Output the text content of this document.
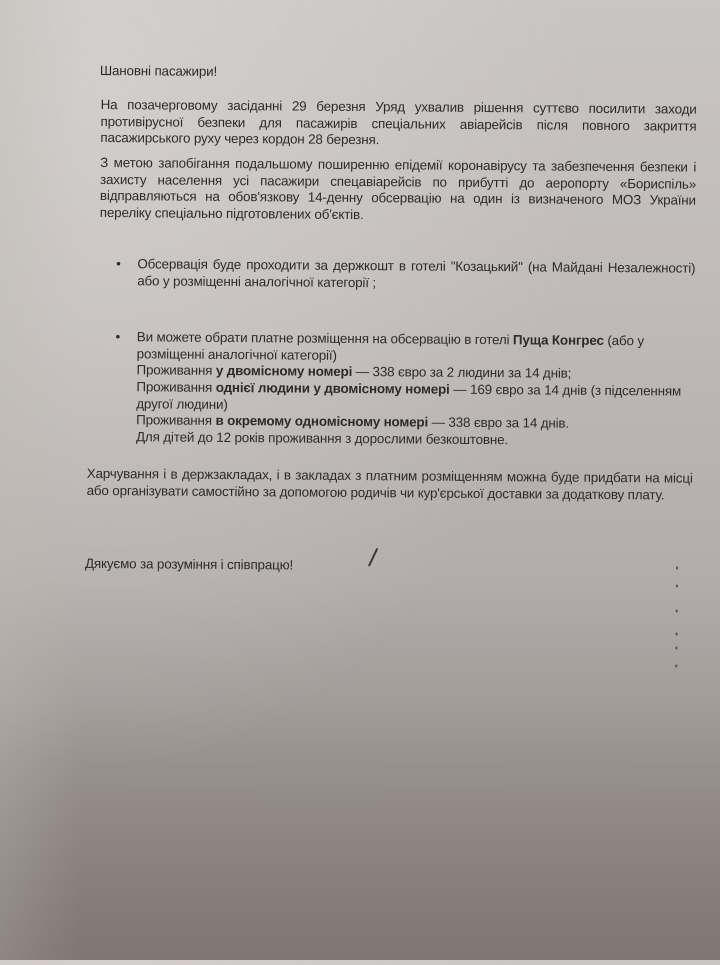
Шановні пасажири!
На позачерговому засіданні 29 березня Уряд ухвалив рішення суттєво посилити заходи противірусної безпеки для пасажирів спеціальних авіарейсів після повного закриття пасажирського руху через кордон 28 березня.
З метою запобігання подальшому поширенню епідемії коронавірусу та забезпечення безпеки і захисту населення усі пасажири спецавіарейсів по прибутті до аеропорту «Бориспіль» відправляються на обов'язкову 14-денну обсервацію на один із визначеного МОЗ України переліку спеціально підготовлених об'єктів.
• Обсервація буде проходити за держкошт в готелі "Козацький" (на Майдані Незалежності) або у розміщенні аналогічної категорії ;
• Ви можете обрати платне розміщення на обсервацію в готелі Пуща Конгрес (або у розміщенні аналогічної категорії)
Проживання у двомісному номері — 338 євро за 2 людини за 14 днів;
Проживання однієї людини у двомісному номері — 169 євро за 14 днів (з підселенням другої людини)
Проживання в окремому одномісному номері — 338 євро за 14 днів.
Для дітей до 12 років проживання з дорослими безкоштовне.
Харчування і в держзакладах, і в закладах з платним розміщенням можна буде придбати на місці або організувати самостійно за допомогою родичів чи кур'єрської доставки за додаткову плату.
Дякуємо за розуміння і співпрацю!
